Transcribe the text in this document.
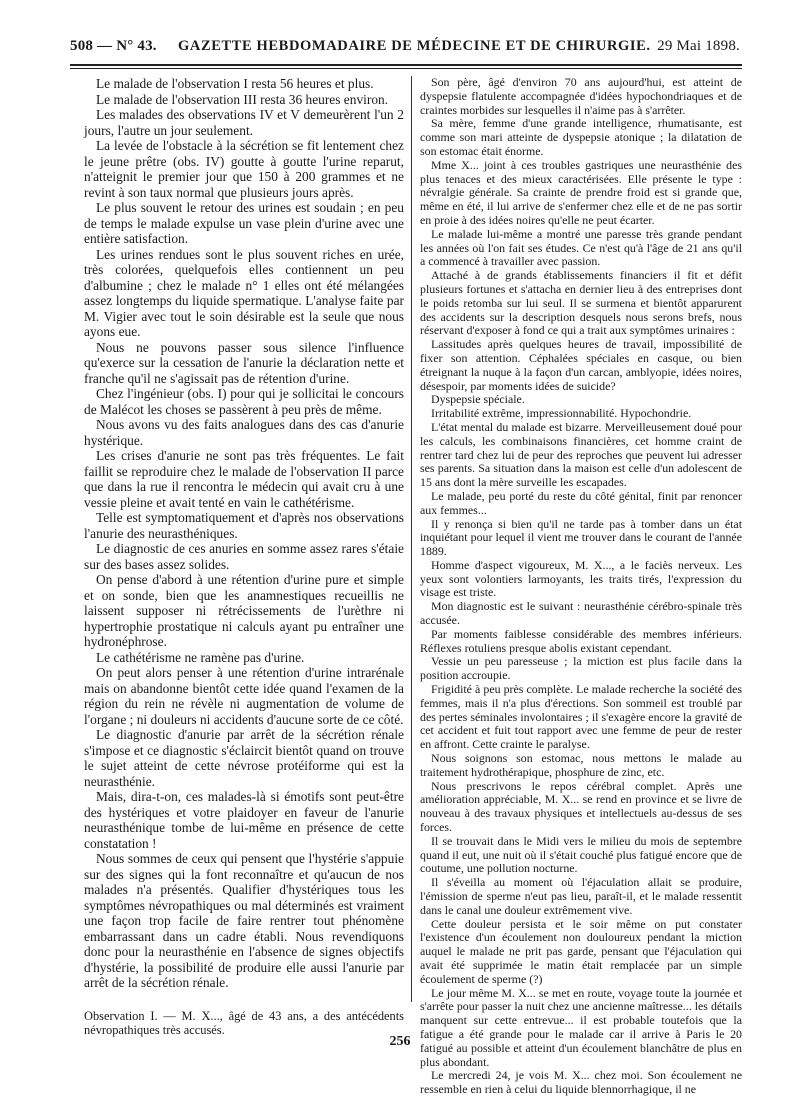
508 — N° 43. GAZETTE HEBDOMADAIRE DE MÉDECINE ET DE CHIRURGIE. 29 Mai 1898.

Le malade de l'observation I resta 56 heures et plus.

Le malade de l'observation III resta 36 heures environ.

Les malades des observations IV et V demeurèrent l'un 2 jours, l'autre un jour seulement.

La levée de l'obstacle à la sécrétion se fit lentement chez le jeune prêtre (obs. IV) goutte à goutte l'urine reparut, n'atteignit le premier jour que 150 à 200 grammes et ne revint à son taux normal que plusieurs jours après.

Le plus souvent le retour des urines est soudain ; en peu de temps le malade expulse un vase plein d'urine avec une entière satisfaction.

Les urines rendues sont le plus souvent riches en urée, très colorées, quelquefois elles contiennent un peu d'albumine ; chez le malade n° 1 elles ont été mélangées assez longtemps du liquide spermatique. L'analyse faite par M. Vigier avec tout le soin désirable est la seule que nous ayons eue.

Nous ne pouvons passer sous silence l'influence qu'exerce sur la cessation de l'anurie la déclaration nette et franche qu'il ne s'agissait pas de rétention d'urine.

Chez l'ingénieur (obs. I) pour qui je sollicitai le concours de Malécot les choses se passèrent à peu près de même.

Nous avons vu des faits analogues dans des cas d'anurie hystérique.

Les crises d'anurie ne sont pas très fréquentes. Le fait faillit se reproduire chez le malade de l'observation II parce que dans la rue il rencontra le médecin qui avait cru à une vessie pleine et avait tenté en vain le cathétérisme.

Telle est symptomatiquement et d'après nos observations l'anurie des neurasthéniques.

Le diagnostic de ces anuries en somme assez rares s'étaie sur des bases assez solides.

On pense d'abord à une rétention d'urine pure et simple et on sonde, bien que les anamnestiques recueillis ne laissent supposer ni rétrécissements de l'urèthre ni hypertrophie prostatique ni calculs ayant pu entraîner une hydronéphrose.

Le cathétérisme ne ramène pas d'urine.

On peut alors penser à une rétention d'urine intrarénale mais on abandonne bientôt cette idée quand l'examen de la région du rein ne révèle ni augmentation de volume de l'organe ; ni douleurs ni accidents d'aucune sorte de ce côté.

Le diagnostic d'anurie par arrêt de la sécrétion rénale s'impose et ce diagnostic s'éclaircit bientôt quand on trouve le sujet atteint de cette névrose protéiforme qui est la neurasthénie.

Mais, dira-t-on, ces malades-là si émotifs sont peut-être des hystériques et votre plaidoyer en faveur de l'anurie neurasthénique tombe de lui-même en présence de cette constatation !

Nous sommes de ceux qui pensent que l'hystérie s'appuie sur des signes qui la font reconnaître et qu'aucun de nos malades n'a présentés. Qualifier d'hystériques tous les symptômes névropathiques ou mal déterminés est vraiment une façon trop facile de faire rentrer tout phénomène embarrassant dans un cadre établi. Nous revendiquons donc pour la neurasthénie en l'absence de signes objectifs d'hystérie, la possibilité de produire elle aussi l'anurie par arrêt de la sécrétion rénale.

Observation I. — M. X..., âgé de 43 ans, a des antécédents névropathiques très accusés.

Son père, âgé d'environ 70 ans aujourd'hui, est atteint de dyspepsie flatulente accompagnée d'idées hypochondriaques et de craintes morbides sur lesquelles il n'aime pas à s'arrêter.

Sa mère, femme d'une grande intelligence, rhumatisante, est comme son mari atteinte de dyspepsie atonique ; la dilatation de son estomac était énorme.

Mme X... joint à ces troubles gastriques une neurasthénie des plus tenaces et des mieux caractérisées. Elle présente le type : névralgie générale. Sa crainte de prendre froid est si grande que, même en été, il lui arrive de s'enfermer chez elle et de ne pas sortir en proie à des idées noires qu'elle ne peut écarter.

Le malade lui-même a montré une paresse très grande pendant les années où l'on fait ses études. Ce n'est qu'à l'âge de 21 ans qu'il a commencé à travailler avec passion.

Attaché à de grands établissements financiers il fit et défit plusieurs fortunes et s'attacha en dernier lieu à des entreprises dont le poids retomba sur lui seul. Il se surmena et bientôt apparurent des accidents sur la description desquels nous serons brefs, nous réservant d'exposer à fond ce qui a trait aux symptômes urinaires :

Lassitudes après quelques heures de travail, impossibilité de fixer son attention. Céphalées spéciales en casque, ou bien étreignant la nuque à la façon d'un carcan, amblyopie, idées noires, désespoir, par moments idées de suicide?

Dyspepsie spéciale.

Irritabilité extrême, impressionnabilité. Hypochondrie.

L'état mental du malade est bizarre. Merveilleusement doué pour les calculs, les combinaisons financières, cet homme craint de rentrer tard chez lui de peur des reproches que peuvent lui adresser ses parents. Sa situation dans la maison est celle d'un adolescent de 15 ans dont la mère surveille les escapades.

Le malade, peu porté du reste du côté génital, finit par renoncer aux femmes...

Il y renonça si bien qu'il ne tarde pas à tomber dans un état inquiétant pour lequel il vient me trouver dans le courant de l'année 1889.

Homme d'aspect vigoureux, M. X..., a le faciès nerveux. Les yeux sont volontiers larmoyants, les traits tirés, l'expression du visage est triste.

Mon diagnostic est le suivant : neurasthénie cérébro-spinale très accusée.

Par moments faiblesse considérable des membres inférieurs. Réflexes rotuliens presque abolis existant cependant.

Vessie un peu paresseuse ; la miction est plus facile dans la position accroupie.

Frigidité à peu près complète. Le malade recherche la société des femmes, mais il n'a plus d'érections. Son sommeil est troublé par des pertes séminales involontaires ; il s'exagère encore la gravité de cet accident et fuit tout rapport avec une femme de peur de rester en affront. Cette crainte le paralyse.

Nous soignons son estomac, nous mettons le malade au traitement hydrothérapique, phosphure de zinc, etc.

Nous prescrivons le repos cérébral complet. Après une amélioration appréciable, M. X... se rend en province et se livre de nouveau à des travaux physiques et intellectuels au-dessus de ses forces.

Il se trouvait dans le Midi vers le milieu du mois de septembre quand il eut, une nuit où il s'était couché plus fatigué encore que de coutume, une pollution nocturne.

Il s'éveilla au moment où l'éjaculation allait se produire, l'émission de sperme n'eut pas lieu, paraît-il, et le malade ressentit dans le canal une douleur extrêmement vive.

Cette douleur persista et le soir même on put constater l'existence d'un écoulement non douloureux pendant la miction auquel le malade ne prit pas garde, pensant que l'éjaculation qui avait été supprimée le matin était remplacée par un simple écoulement de sperme (?)

Le jour même M. X... se met en route, voyage toute la journée et s'arrête pour passer la nuit chez une ancienne maîtresse... les détails manquent sur cette entrevue... il est probable toutefois que la fatigue a été grande pour le malade car il arrive à Paris le 20 fatigué au possible et atteint d'un écoulement blanchâtre de plus en plus abondant.

Le mercredi 24, je vois M. X... chez moi. Son écoulement ne ressemble en rien à celui du liquide blennorrhagique, il ne

256
